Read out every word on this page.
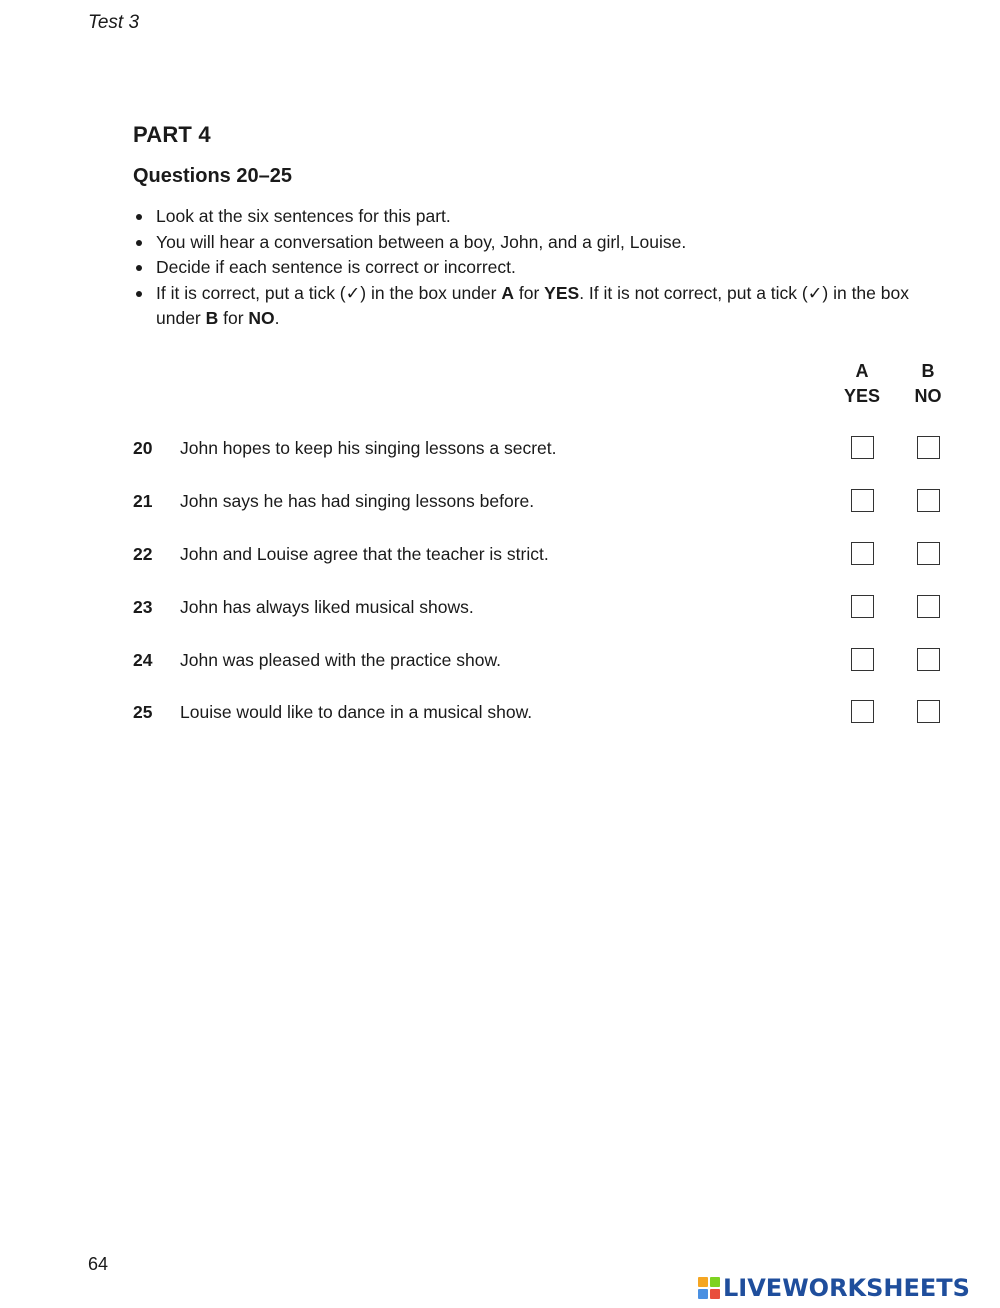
Test 3
PART 4
Questions 20–25
Look at the six sentences for this part.
You will hear a conversation between a boy, John, and a girl, Louise.
Decide if each sentence is correct or incorrect.
If it is correct, put a tick (✓) in the box under A for YES. If it is not correct, put a tick (✓) in the box under B for NO.
A
YES
B
NO
20 John hopes to keep his singing lessons a secret.
21 John says he has had singing lessons before.
22 John and Louise agree that the teacher is strict.
23 John has always liked musical shows.
24 John was pleased with the practice show.
25 Louise would like to dance in a musical show.
64
LIVEWORKSHEETS
